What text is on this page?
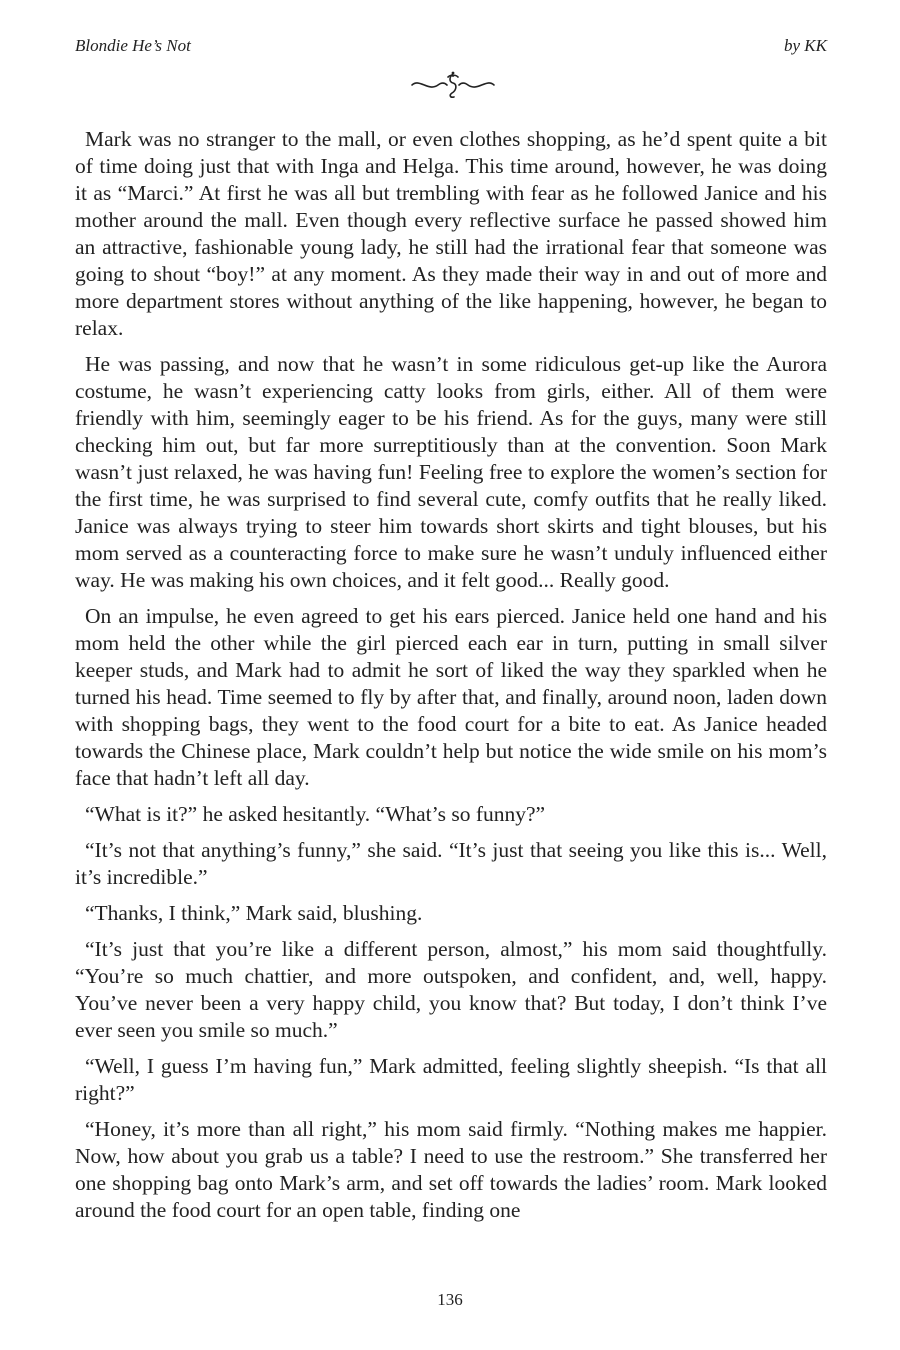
Blondie He’s Not	by KK

Mark was no stranger to the mall, or even clothes shopping, as he’d spent quite a bit of time doing just that with Inga and Helga. This time around, however, he was doing it as “Marci.” At first he was all but trembling with fear as he followed Janice and his mother around the mall. Even though every reflective surface he passed showed him an attractive, fashionable young lady, he still had the irrational fear that someone was going to shout “boy!” at any moment. As they made their way in and out of more and more department stores without anything of the like happening, however, he began to relax.

He was passing, and now that he wasn’t in some ridiculous get-up like the Aurora costume, he wasn’t experiencing catty looks from girls, either. All of them were friendly with him, seemingly eager to be his friend. As for the guys, many were still checking him out, but far more surreptitiously than at the convention. Soon Mark wasn’t just relaxed, he was having fun! Feeling free to explore the women’s section for the first time, he was surprised to find several cute, comfy outfits that he really liked. Janice was always trying to steer him towards short skirts and tight blouses, but his mom served as a counteracting force to make sure he wasn’t unduly influenced either way. He was making his own choices, and it felt good... Really good.

On an impulse, he even agreed to get his ears pierced. Janice held one hand and his mom held the other while the girl pierced each ear in turn, putting in small silver keeper studs, and Mark had to admit he sort of liked the way they sparkled when he turned his head. Time seemed to fly by after that, and finally, around noon, laden down with shopping bags, they went to the food court for a bite to eat. As Janice headed towards the Chinese place, Mark couldn’t help but notice the wide smile on his mom’s face that hadn’t left all day.

“What is it?” he asked hesitantly. “What’s so funny?”

“It’s not that anything’s funny,” she said. “It’s just that seeing you like this is... Well, it’s incredible.”

“Thanks, I think,” Mark said, blushing.

“It’s just that you’re like a different person, almost,” his mom said thoughtfully. “You’re so much chattier, and more outspoken, and confident, and, well, happy. You’ve never been a very happy child, you know that? But today, I don’t think I’ve ever seen you smile so much.”

“Well, I guess I’m having fun,” Mark admitted, feeling slightly sheepish. “Is that all right?”

“Honey, it’s more than all right,” his mom said firmly. “Nothing makes me happier. Now, how about you grab us a table? I need to use the restroom.” She transferred her one shopping bag onto Mark’s arm, and set off towards the ladies’ room. Mark looked around the food court for an open table, finding one

136
